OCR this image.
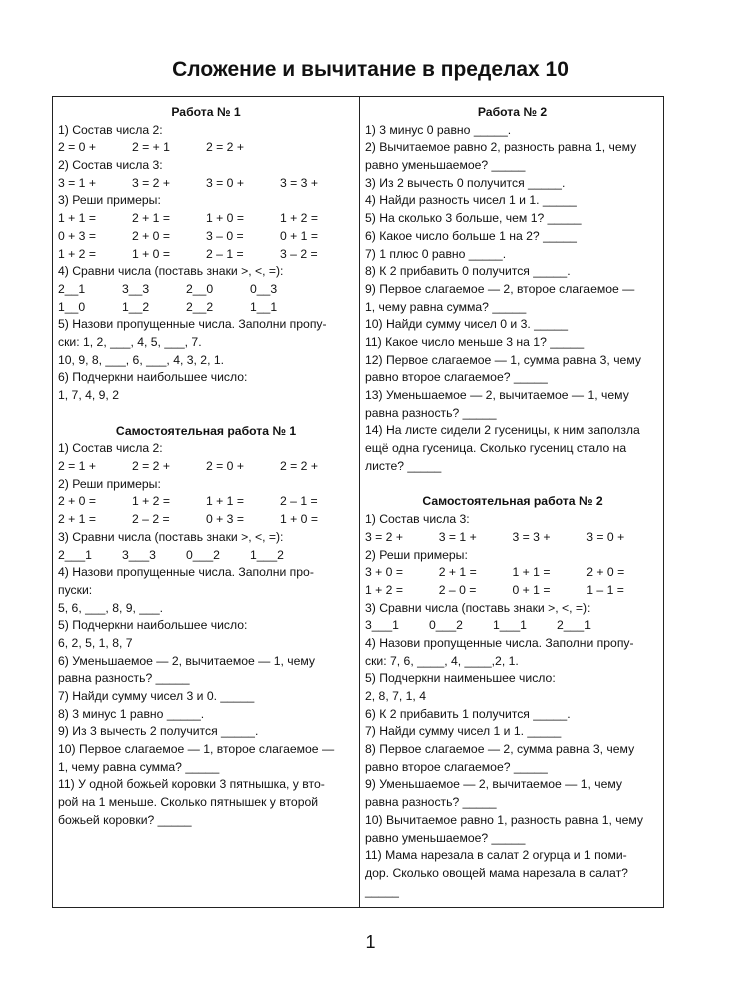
Сложение и вычитание в пределах 10
Работа № 1
1) Состав числа 2:
2 = 0 +	2 = + 1	2 = 2 +
2) Состав числа 3:
3 = 1 +	3 = 2 +	3 = 0 +	3 = 3 +
3) Реши примеры:
1 + 1 =	2 + 1 =	1 + 0 =	1 + 2 =
0 + 3 =	2 + 0 =	3 – 0 =	0 + 1 =
1 + 2 =	1 + 0 =	2 – 1 =	3 – 2 =
4) Сравни числа (поставь знаки >, <, =):
2__1	3__3	2__0	0__3
1__0	1__2	2__2	1__1
5) Назови пропущенные числа. Заполни пропу-
ски: 1, 2, ___, 4, 5, ___, 7.
10, 9, 8, ___, 6, ___, 4, 3, 2, 1.
6) Подчеркни наибольшее число:
1, 7, 4, 9, 2
Самостоятельная работа № 1
1) Состав числа 2:
2 = 1 +	2 = 2 +	2 = 0 +	2 = 2 +
2) Реши примеры:
2 + 0 =	1 + 2 =	1 + 1 =	2 – 1 =
2 + 1 =	2 – 2 =	0 + 3 =	1 + 0 =
3) Сравни числа (поставь знаки >, <, =):
2___1	3___3	0___2	1___2
4) Назови пропущенные числа. Заполни про-
пуски:
5, 6, ___, 8, 9, ___.
5) Подчеркни наибольшее число:
6, 2, 5, 1, 8, 7
6) Уменьшаемое — 2, вычитаемое — 1, чему
равна разность? _____
7) Найди сумму чисел 3 и 0. _____
8) 3 минус 1 равно _____.
9) Из 3 вычесть 2 получится _____.
10) Первое слагаемое — 1, второе слагаемое —
1, чему равна сумма? _____
11) У одной божьей коровки 3 пятнышка, у вто-
рой на 1 меньше. Сколько пятнышек у второй
божьей коровки? _____
Работа № 2
1) 3 минус 0 равно _____.
2) Вычитаемое равно 2, разность равна 1, чему
равно уменьшаемое? _____
3) Из 2 вычесть 0 получится _____.
4) Найди разность чисел 1 и 1. _____
5) На сколько 3 больше, чем 1? _____
6) Какое число больше 1 на 2? _____
7) 1 плюс 0 равно _____.
8) К 2 прибавить 0 получится _____.
9) Первое слагаемое — 2, второе слагаемое —
1, чему равна сумма? _____
10) Найди сумму чисел 0 и 3. _____
11) Какое число меньше 3 на 1? _____
12) Первое слагаемое — 1, сумма равна 3, чему
равно второе слагаемое? _____
13) Уменьшаемое — 2, вычитаемое — 1, чему
равна разность? _____
14) На листе сидели 2 гусеницы, к ним заползла
ещё одна гусеница. Сколько гусениц стало на
листе? _____
Самостоятельная работа № 2
1) Состав числа 3:
3 = 2 +	3 = 1 +	3 = 3 +	3 = 0 +
2) Реши примеры:
3 + 0 =	2 + 1 =	1 + 1 =	2 + 0 =
1 + 2 =	2 – 0 =	0 + 1 =	1 – 1 =
3) Сравни числа (поставь знаки >, <, =):
3___1	0___2	1___1	2___1
4) Назови пропущенные числа. Заполни пропу-
ски: 7, 6, ____, 4, ____,2, 1.
5) Подчеркни наименьшее число:
2, 8, 7, 1, 4
6) К 2 прибавить 1 получится _____.
7) Найди сумму чисел 1 и 1. _____
8) Первое слагаемое — 2, сумма равна 3, чему
равно второе слагаемое? _____
9) Уменьшаемое — 2, вычитаемое — 1, чему
равна разность? _____
10) Вычитаемое равно 1, разность равна 1, чему
равно уменьшаемое? _____
11) Мама нарезала в салат 2 огурца и 1 поми-
дор. Сколько овощей мама нарезала в салат?
_____
1
